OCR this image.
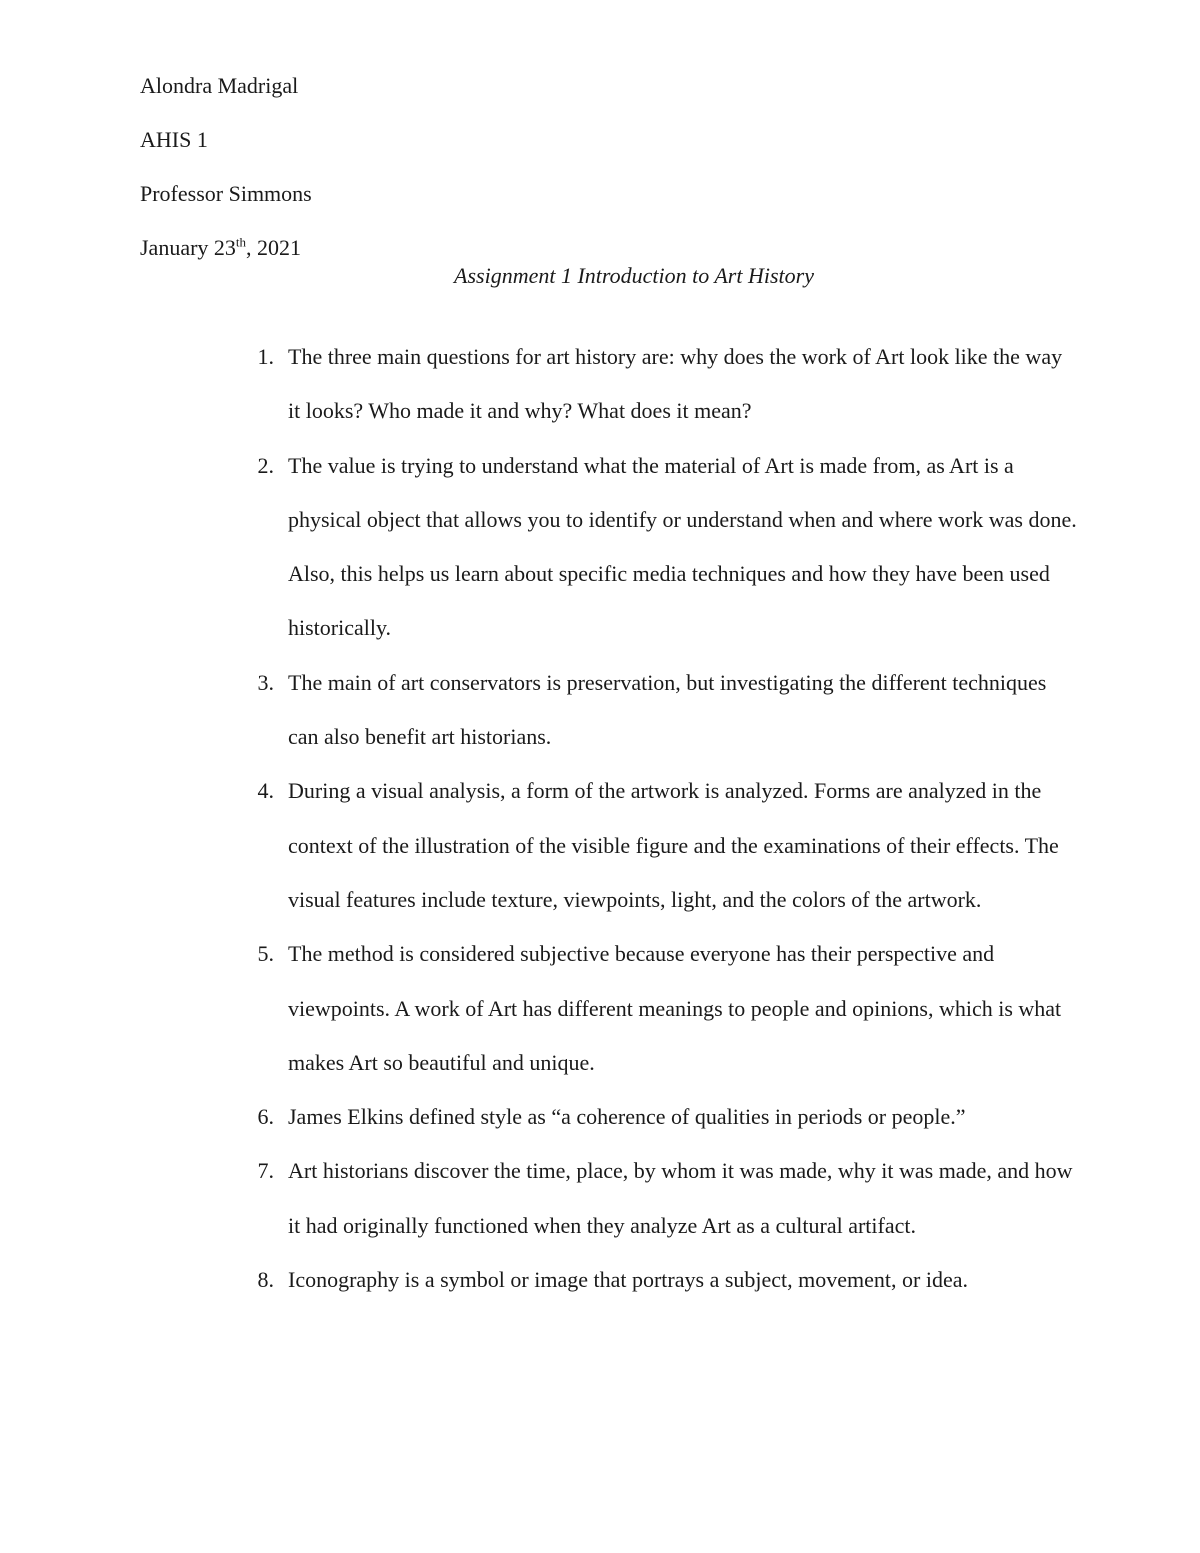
Alondra Madrigal
AHIS 1
Professor Simmons
January 23th, 2021
Assignment 1 Introduction to Art History
1. The three main questions for art history are: why does the work of Art look like the way it looks? Who made it and why? What does it mean?
2. The value is trying to understand what the material of Art is made from, as Art is a physical object that allows you to identify or understand when and where work was done. Also, this helps us learn about specific media techniques and how they have been used historically.
3. The main of art conservators is preservation, but investigating the different techniques can also benefit art historians.
4. During a visual analysis, a form of the artwork is analyzed. Forms are analyzed in the context of the illustration of the visible figure and the examinations of their effects. The visual features include texture, viewpoints, light, and the colors of the artwork.
5. The method is considered subjective because everyone has their perspective and viewpoints. A work of Art has different meanings to people and opinions, which is what makes Art so beautiful and unique.
6. James Elkins defined style as “a coherence of qualities in periods or people.”
7. Art historians discover the time, place, by whom it was made, why it was made, and how it had originally functioned when they analyze Art as a cultural artifact.
8. Iconography is a symbol or image that portrays a subject, movement, or idea.
